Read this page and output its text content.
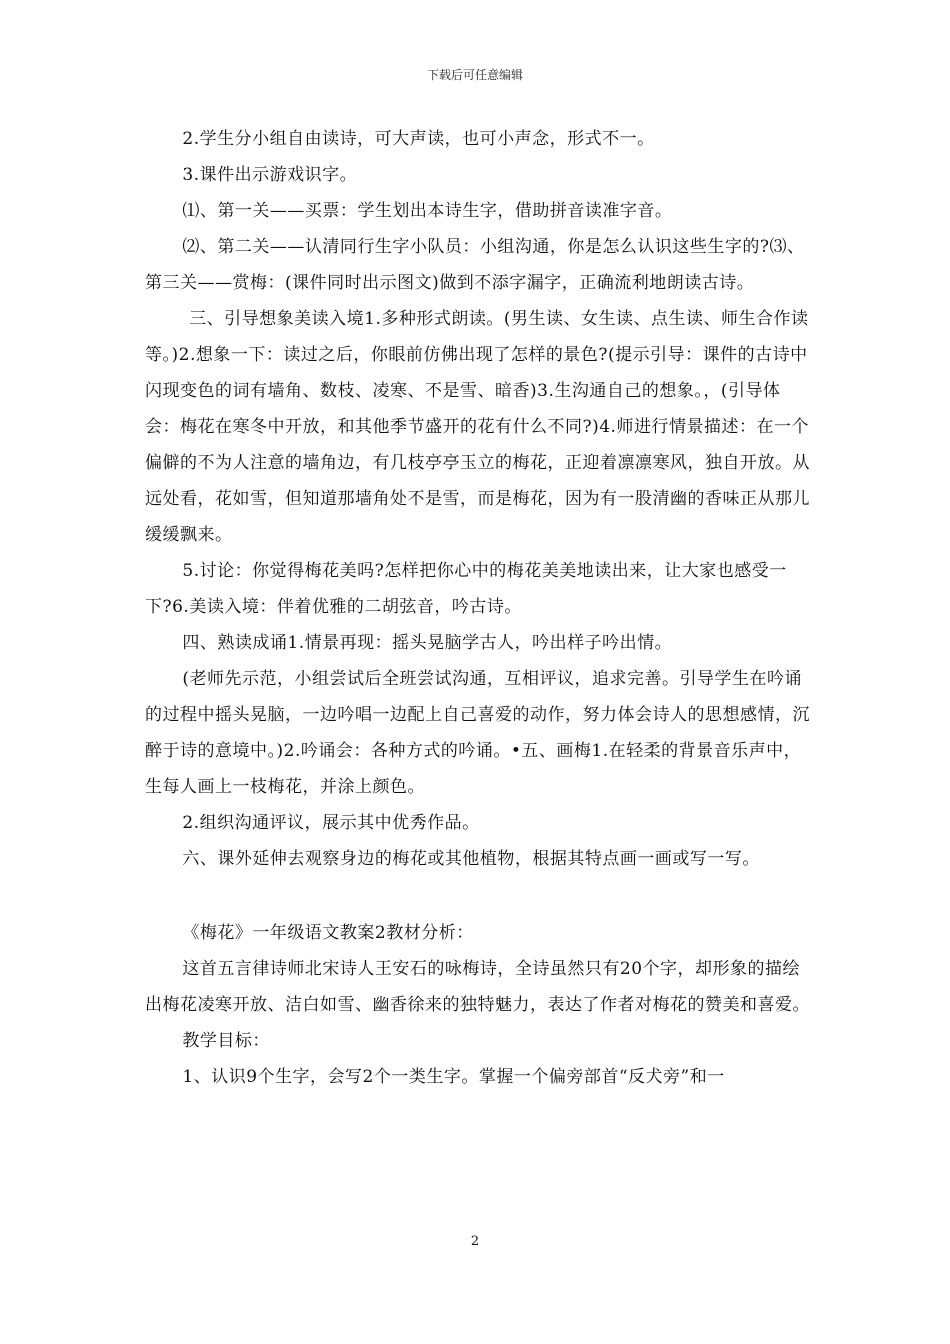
下载后可任意编辑

2.学生分小组自由读诗，可大声读，也可小声念，形式不一。

3.课件出示游戏识字。

⑴、第一关——买票：学生划出本诗生字，借助拼音读准字音。

⑵、第二关——认清同行生字小队员：小组沟通，你是怎么认识这些生字的?⑶、第三关——赏梅：(课件同时出示图文)做到不添字漏字，正确流利地朗读古诗。

三、引导想象美读入境1.多种形式朗读。(男生读、女生读、点生读、师生合作读等。)2.想象一下：读过之后，你眼前仿佛出现了怎样的景色?(提示引导：课件的古诗中闪现变色的词有墙角、数枝、凌寒、不是雪、暗香)3.生沟通自己的想象。，(引导体会：梅花在寒冬中开放，和其他季节盛开的花有什么不同?)4.师进行情景描述：在一个偏僻的不为人注意的墙角边，有几枝亭亭玉立的梅花，正迎着凛凛寒风，独自开放。从远处看，花如雪，但知道那墙角处不是雪，而是梅花，因为有一股清幽的香味正从那儿缓缓飘来。

5.讨论：你觉得梅花美吗?怎样把你心中的梅花美美地读出来，让大家也感受一下?6.美读入境：伴着优雅的二胡弦音，吟古诗。

四、熟读成诵1.情景再现：摇头晃脑学古人，吟出样子吟出情。

(老师先示范，小组尝试后全班尝试沟通，互相评议，追求完善。引导学生在吟诵的过程中摇头晃脑，一边吟唱一边配上自己喜爱的动作，努力体会诗人的思想感情，沉醉于诗的意境中。)2.吟诵会：各种方式的吟诵。•五、画梅1.在轻柔的背景音乐声中，生每人画上一枝梅花，并涂上颜色。

2.组织沟通评议，展示其中优秀作品。

六、课外延伸去观察身边的梅花或其他植物，根据其特点画一画或写一写。

《梅花》一年级语文教案2教材分析：

这首五言律诗师北宋诗人王安石的咏梅诗，全诗虽然只有20个字，却形象的描绘出梅花凌寒开放、洁白如雪、幽香徐来的独特魅力，表达了作者对梅花的赞美和喜爱。

教学目标：

1、认识9个生字，会写2个一类生字。掌握一个偏旁部首“反犬旁”和一

2
